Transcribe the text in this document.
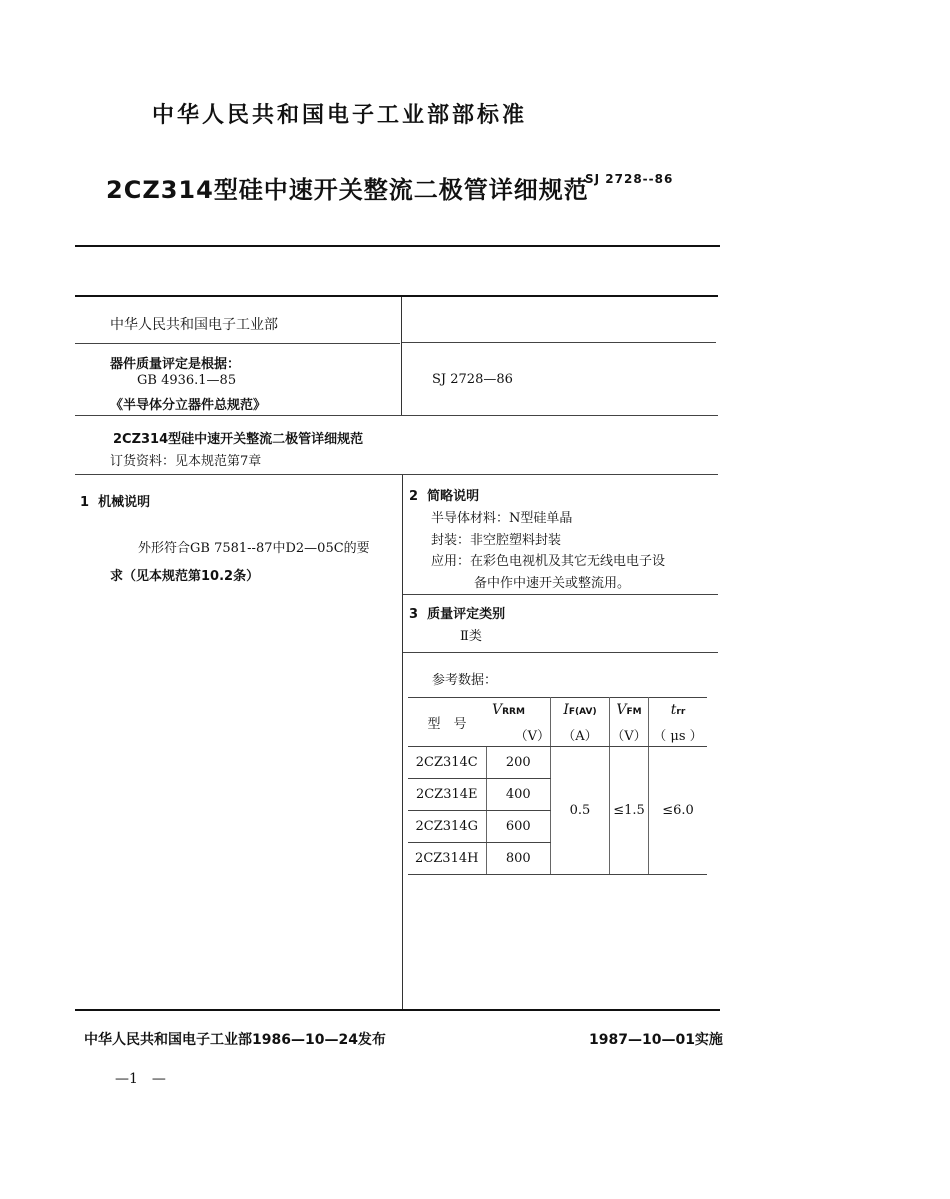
中华人民共和国电子工业部部标准
2CZ314型硅中速开关整流二极管详细规范
SJ 2728--86
中华人民共和国电子工业部
器件质量评定是根据：
GB 4936.1—85
《半导体分立器件总规范》
SJ 2728—86
2CZ314型硅中速开关整流二极管详细规范
订货资料：见本规范第7章
1 机械说明
外形符合GB 7581--87中D2—05C的要
求（见本规范第10.2条）
2 简略说明
半导体材料：N型硅单晶
封装：非空腔塑料封装
应用：在彩色电视机及其它无线电电子设
备中作中速开关或整流用。
3 质量评定类别
Ⅱ类
参考数据：
型　号	VRRM	IF(AV)	VFM	trr
	（V）	（A）	（V）	（ μs ）
2CZ314C	200	0.5	≤1.5	≤6.0
2CZ314E	400			
2CZ314G	600			
2CZ314H	800			
中华人民共和国电子工业部1986—10—24发布	1987—10—01实施
—1　—
